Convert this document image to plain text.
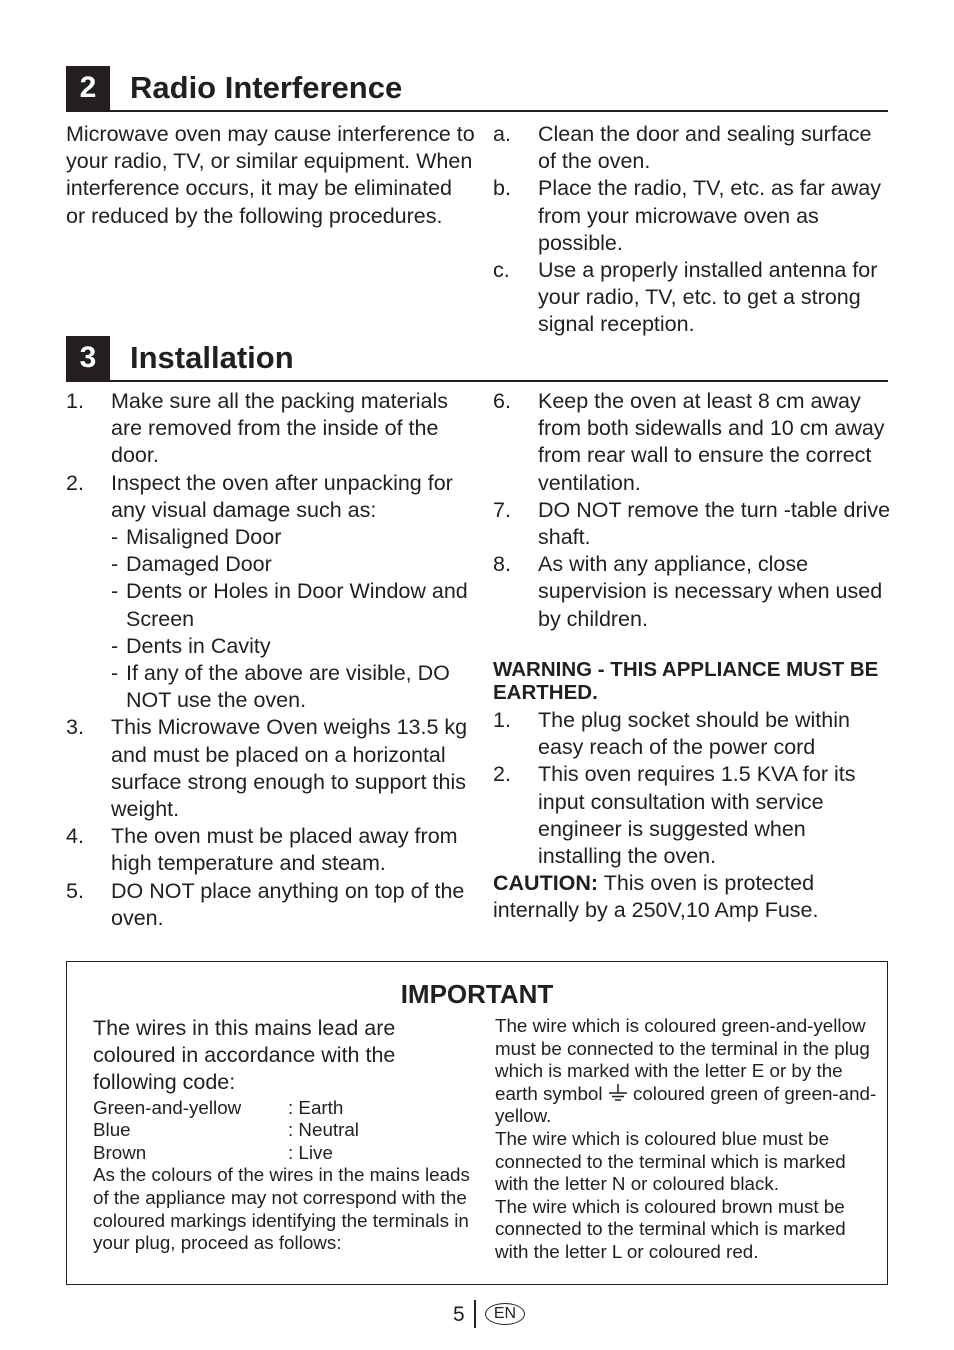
2	Radio Interference
Microwave oven may cause interference to your radio, TV, or similar equipment. When interference occurs, it may be eliminated or reduced by the following procedures.
a. Clean the door and sealing surface of the oven.
b. Place the radio, TV, etc. as far away from your microwave oven as possible.
c. Use a properly installed antenna for your radio, TV, etc. to get a strong signal reception.
3	Installation
1. Make sure all the packing materials are removed from the inside of the door.
2. Inspect the oven after unpacking for any visual damage such as:
- Misaligned Door
- Damaged Door
- Dents or Holes in Door Window and Screen
- Dents in Cavity
- If any of the above are visible, DO NOT use the oven.
3. This Microwave Oven weighs 13.5 kg and must be placed on a horizontal surface strong enough to support this weight.
4. The oven must be placed away from high temperature and steam.
5. DO NOT place anything on top of the oven.
6. Keep the oven at least 8 cm away from both sidewalls and 10 cm away from rear wall to ensure the correct ventilation.
7. DO NOT remove the turn -table drive shaft.
8. As with any appliance, close supervision is necessary when used by children.
WARNING - THIS APPLIANCE MUST BE EARTHED.
1. The plug socket should be within easy reach of the power cord
2. This oven requires 1.5 KVA for its input consultation with service engineer is suggested when installing the oven.
CAUTION: This oven is protected internally by a 250V,10 Amp Fuse.
IMPORTANT
The wires in this mains lead are coloured in accordance with the following code:
Green-and-yellow : Earth
Blue	: Neutral
Brown	: Live
As the colours of the wires in the mains leads of the appliance may not correspond with the coloured markings identifying the terminals in your plug, proceed as follows:
The wire which is coloured green-and-yellow must be connected to the terminal in the plug which is marked with the letter E or by the earth symbol  coloured green of green-and-yellow.
The wire which is coloured blue must be connected to the terminal which is marked with the letter N or coloured black.
The wire which is coloured brown must be connected to the terminal which is marked with the letter L or coloured red.
5	EN
